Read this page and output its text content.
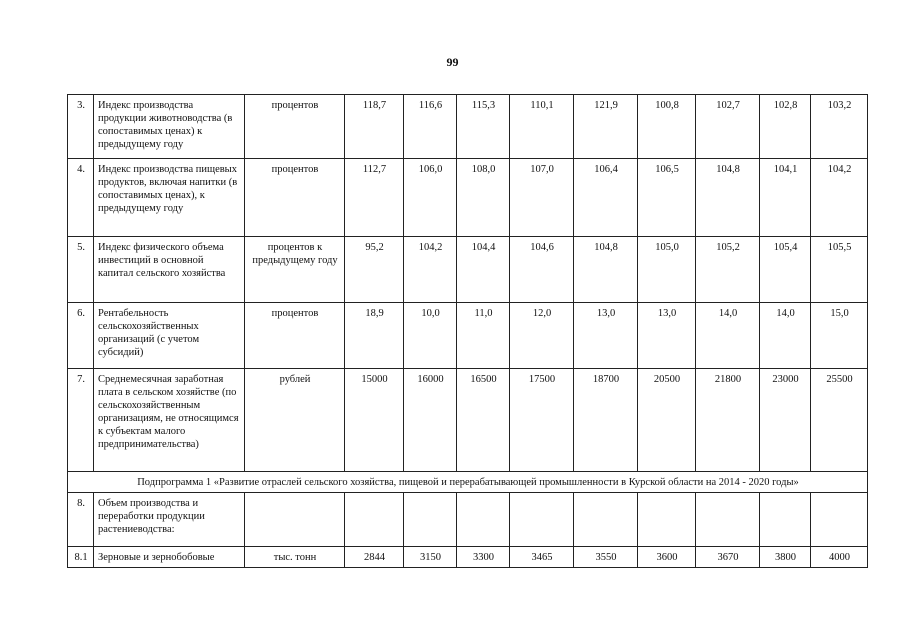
99
3.	Индекс производства продукции животноводства (в сопоставимых ценах) к предыдущему году	процентов	118,7	116,6	115,3	110,1	121,9	100,8	102,7	102,8	103,2
4.	Индекс производства пищевых продуктов, включая напитки (в сопоставимых ценах), к предыдущему году	процентов	112,7	106,0	108,0	107,0	106,4	106,5	104,8	104,1	104,2
5.	Индекс физического объема инвестиций в основной капитал сельского хозяйства	процентов к предыдущему году	95,2	104,2	104,4	104,6	104,8	105,0	105,2	105,4	105,5
6.	Рентабельность сельскохозяйственных организаций (с учетом субсидий)	процентов	18,9	10,0	11,0	12,0	13,0	13,0	14,0	14,0	15,0
7.	Среднемесячная заработная плата в сельском хозяйстве (по сельскохозяйственным организациям, не относящимся к субъектам малого предпринимательства)	рублей	15000	16000	16500	17500	18700	20500	21800	23000	25500
Подпрограмма 1 «Развитие отраслей сельского хозяйства, пищевой и перерабатывающей промышленности в Курской области на 2014 - 2020 годы»											
8.	Объем производства и переработки продукции растениеводства:										
8.1	Зерновые и зернобобовые	тыс. тонн	2844	3150	3300	3465	3550	3600	3670	3800	4000
